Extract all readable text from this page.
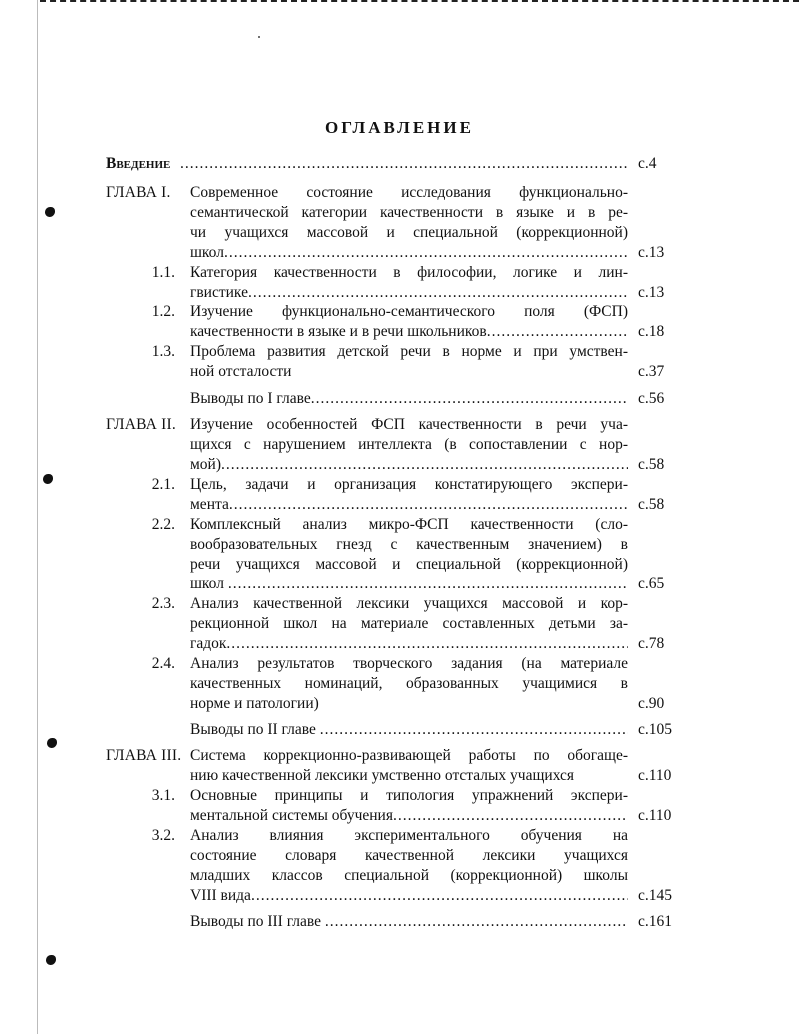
ОГЛАВЛЕНИЕ
Введение .....	с.4
ГЛАВА I.	Современное состояние исследования функционально-
семантической категории качественности в языке и в ре-
чи учащихся массовой и специальной (коррекционной)
школ .....	с.13
1.1. Категория качественности в философии, логике и лин-
гвистике .....	с.13
1.2. Изучение функционально-семантического поля (ФСП)
качественности в языке и в речи школьников .....	с.18
1.3. Проблема развития детской речи в норме и при умствен-
ной отсталости	с.37
Выводы по I главе .....	с.56
ГЛАВА II. Изучение особенностей ФСП качественности в речи уча-
щихся с нарушением интеллекта (в сопоставлении с нор-
мой) .....	с.58
2.1. Цель, задачи и организация констатирующего экспери-
мента .....	с.58
2.2. Комплексный анализ микро-ФСП качественности (сло-
вообразовательных гнезд с качественным значением) в
речи учащихся массовой и специальной (коррекционной)
школ .....	с.65
2.3. Анализ качественной лексики учащихся массовой и кор-
рекционной школ на материале составленных детьми за-
гадок .....	с.78
2.4. Анализ результатов творческого задания (на материале
качественных номинаций, образованных учащимися в
норме и патологии)	с.90
Выводы по II главе .....	с.105
ГЛАВА III. Система коррекционно-развивающей работы по обогаще-
нию качественной лексики умственно отсталых учащихся	с.110
3.1. Основные принципы и типология упражнений экспери-
ментальной системы обучения .....	с.110
3.2. Анализ влияния экспериментального обучения на
состояние словаря качественной лексики учащихся
младших классов специальной (коррекционной) школы
VIII вида .....	с.145
Выводы по III главе .....	с.161
